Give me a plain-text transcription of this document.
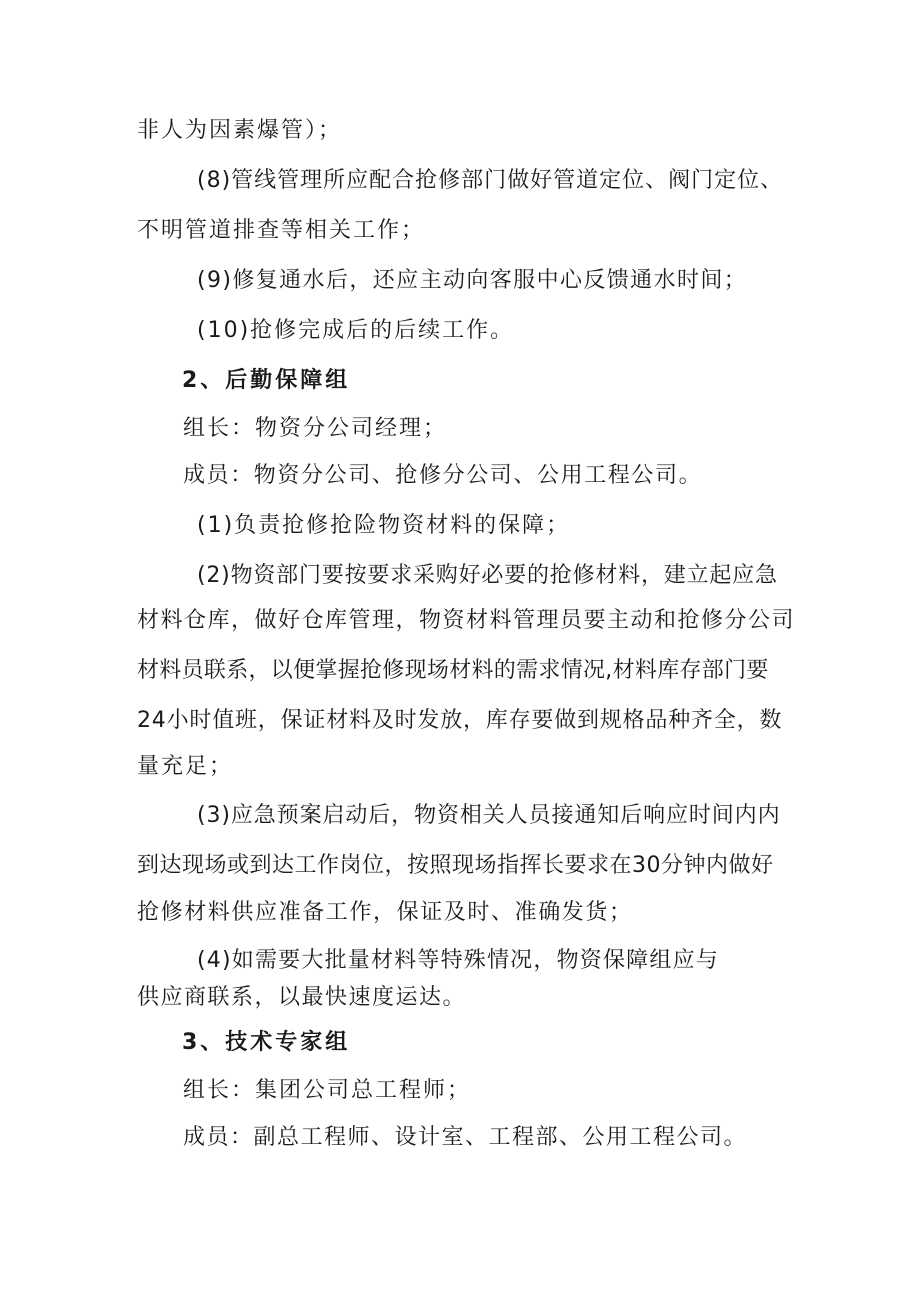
非人为因素爆管）；
(8)管线管理所应配合抢修部门做好管道定位、阀门定位、
不明管道排查等相关工作；
(9)修复通水后，还应主动向客服中心反馈通水时间；
(10)抢修完成后的后续工作。
2、后勤保障组
组长：物资分公司经理；
成员：物资分公司、抢修分公司、公用工程公司。
(1)负责抢修抢险物资材料的保障；
(2)物资部门要按要求采购好必要的抢修材料，建立起应急
材料仓库，做好仓库管理，物资材料管理员要主动和抢修分公司
材料员联系，以便掌握抢修现场材料的需求情况,材料库存部门要
24小时值班，保证材料及时发放，库存要做到规格品种齐全，数
量充足；
(3)应急预案启动后，物资相关人员接通知后响应时间内内
到达现场或到达工作岗位，按照现场指挥长要求在30分钟内做好
抢修材料供应准备工作，保证及时、准确发货；
(4)如需要大批量材料等特殊情况，物资保障组应与
供应商联系，以最快速度运达。
3、技术专家组
组长：集团公司总工程师；
成员：副总工程师、设计室、工程部、公用工程公司。
